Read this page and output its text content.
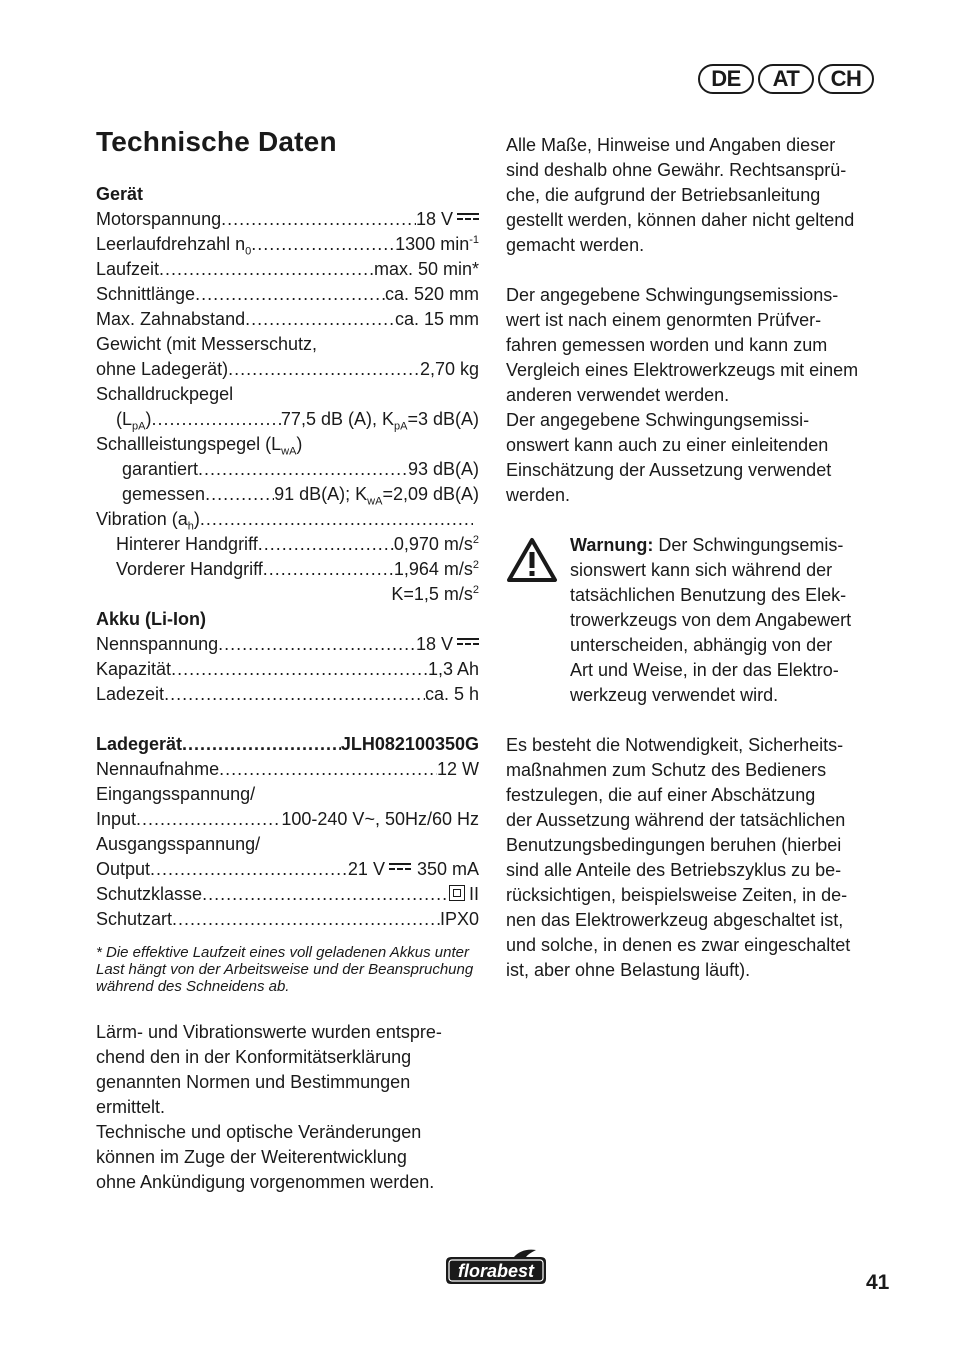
DE	AT	CH
Technische Daten
Gerät
Motorspannung .....	18 V
Leerlaufdrehzahl $n_0$ .....	1300 $\min^{-1}$
Laufzeit .....	max. 50 min*
Schnittlänge .....	ca. 520 mm
Max. Zahnabstand .....	ca. 15 mm
Gewicht (mit Messerschutz,
ohne Ladegerät) .....	2,70 kg
Schalldruckpegel
$(L_{pA})$ .....	77,5 dB (A), $K_{pA}=3$ dB(A)
Schallleistungspegel $(L_{wA})$
garantiert .....	93 dB(A)
gemessen .....	91 dB(A); $K_{wA}=2,09$ dB(A)
Vibration $(a_h)$
.....
Hinterer Handgriff .....	0,970 $m/s^2$
Vorderer Handgriff .....	1,964 $m/s^2$
K=1,5 $m/s^2$
Akku (Li-Ion)
Nennspannung .....	18 V
Kapazität .....	1,3 Ah
Ladezeit .....	ca. 5 h
Ladegerät .....	JLH082100350G
Nennaufnahme .....	12 W
Eingangsspannung/
Input .....	100-240 V~, 50Hz/60 Hz
Ausgangsspannung/
Output .....	21 V 350 mA
Schutzklasse .....	II
Schutzart .....	IPX0
* Die effektive Laufzeit eines voll geladenen Akkus unter Last hängt von der Arbeitsweise und der Beanspruchung während des Schneidens ab.

Lärm- und Vibrationswerte wurden entspre-
chend den in der Konformitätserklärung
genannten Normen und Bestimmungen
ermittelt.

Technische und optische Veränderungen
können im Zuge der Weiterentwicklung
ohne Ankündigung vorgenommen werden.

Alle Maße, Hinweise und Angaben dieser
sind deshalb ohne Gewähr. Rechtsansprü-
che, die aufgrund der Betriebsanleitung
gestellt werden, können daher nicht geltend
gemacht werden.

Der angegebene Schwingungsemissions-
wert ist nach einem genormten Prüfver-
fahren gemessen worden und kann zum
Vergleich eines Elektrowerkzeugs mit einem
anderen verwendet werden.

Der angegebene Schwingungsemissi-
onswert kann auch zu einer einleitenden
Einschätzung der Aussetzung verwendet
werden.

Warnung: Der Schwingungsemis-
sionswert kann sich während der
tatsächlichen Benutzung des Elek-
trowerkzeugs von dem Angabewert
unterscheiden, abhängig von der
Art und Weise, in der das Elektro-
werkzeug verwendet wird.

Es besteht die Notwendigkeit, Sicherheits-
maßnahmen zum Schutz des Bedieners
festzulegen, die auf einer Abschätzung
der Aussetzung während der tatsächlichen
Benutzungsbedingungen beruhen (hierbei
sind alle Anteile des Betriebszyklus zu be-
rücksichtigen, beispielsweise Zeiten, in de-
nen das Elektrowerkzeug abgeschaltet ist,
und solche, in denen es zwar eingeschaltet
ist, aber ohne Belastung läuft).

florabest	41
